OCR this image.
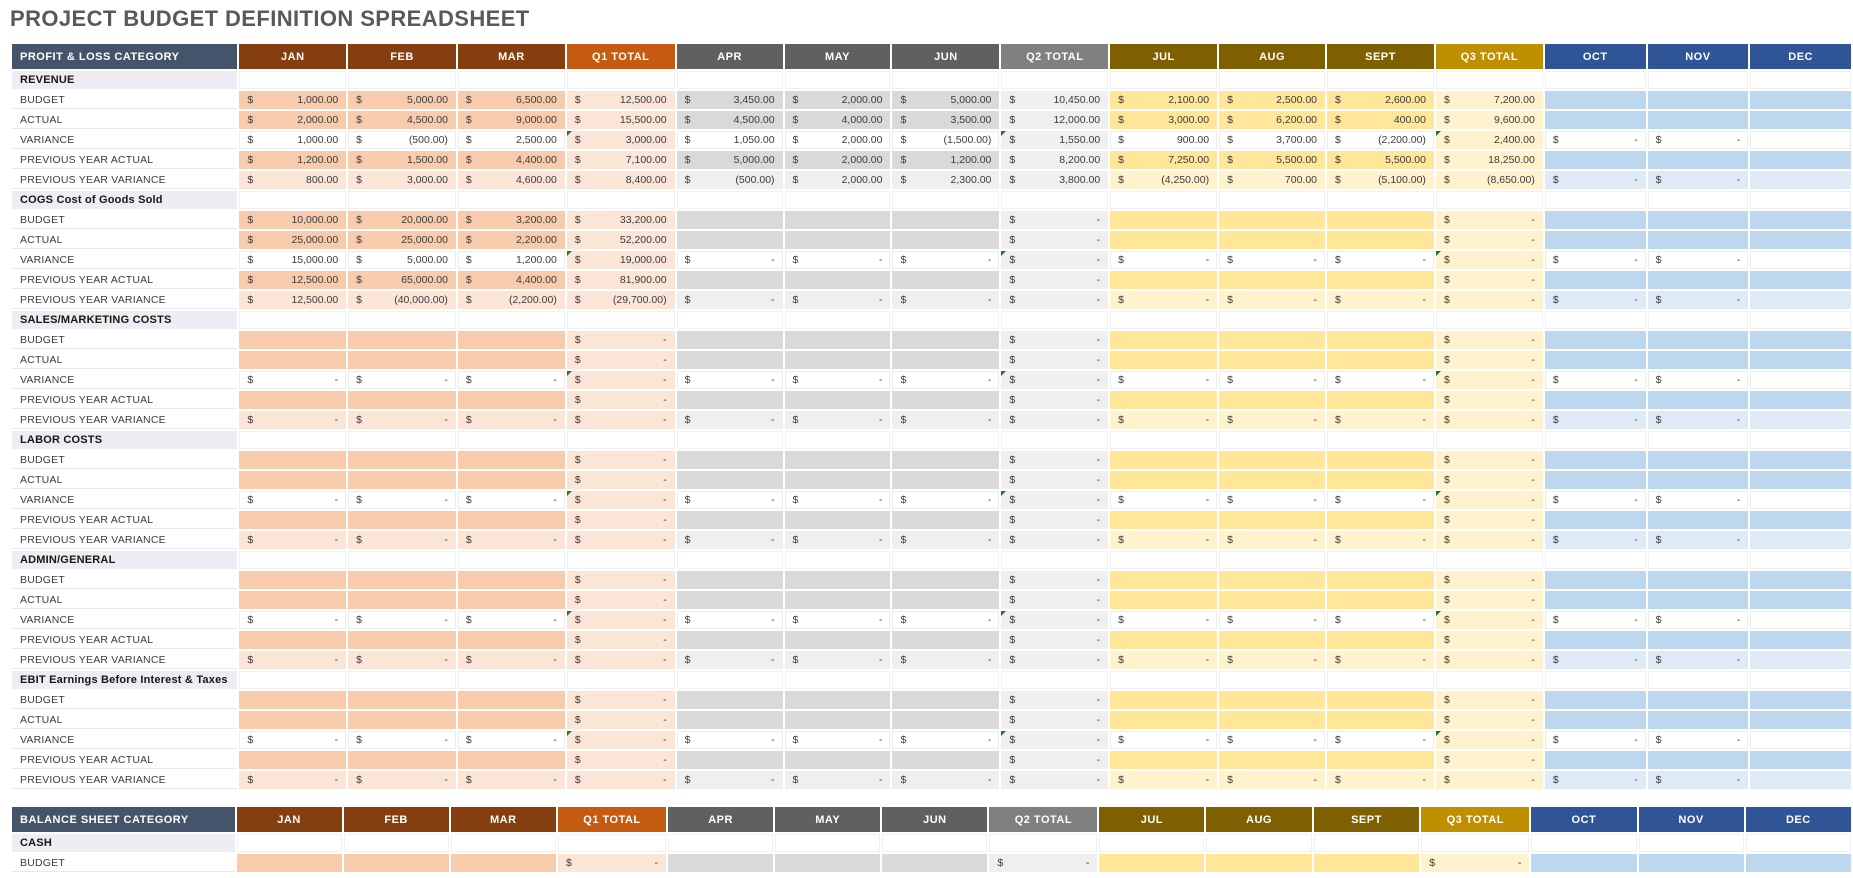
PROJECT BUDGET DEFINITION SPREADSHEET
PROFIT & LOSS CATEGORY	JAN	FEB	MAR	Q1 TOTAL	APR	MAY	JUN	Q2 TOTAL	JUL	AUG	SEPT	Q3 TOTAL	OCT	NOV	DEC
REVENUE															
BUDGET	$ 1,000.00	$ 5,000.00	$ 6,500.00	$ 12,500.00	$ 3,450.00	$ 2,000.00	$ 5,000.00	$ 10,450.00	$ 2,100.00	$ 2,500.00	$ 2,600.00	$ 7,200.00			

ACTUAL	$ 2,000.00	$ 4,500.00	$ 9,000.00	$ 15,500.00	$ 4,500.00	$ 4,000.00	$ 3,500.00	$ 12,000.00	$ 3,000.00	$ 6,200.00	$ 400.00	$ 9,600.00			

VARIANCE	$ 1,000.00	$ (500.00)	$ 2,500.00	$ 3,000.00	$ 1,050.00	$ 2,000.00	$ (1,500.00)	$ 1,550.00	$ 900.00	$ 3,700.00	$ (2,200.00)	$ 2,400.00	$ -	$ -	

PREVIOUS YEAR ACTUAL	$ 1,200.00	$ 1,500.00	$ 4,400.00	$ 7,100.00	$ 5,000.00	$ 2,000.00	$ 1,200.00	$ 8,200.00	$ 7,250.00	$ 5,500.00	$ 5,500.00	$ 18,250.00			

PREVIOUS YEAR VARIANCE	$ 800.00	$ 3,000.00	$ 4,600.00	$ 8,400.00	$ (500.00)	$ 2,000.00	$ 2,300.00	$ 3,800.00	$ (4,250.00)	$ 700.00	$ (5,100.00)	$ (8,650.00)	$ -	$ -	

COGS Cost of Goods Sold															
BUDGET	$ 10,000.00	$ 20,000.00	$ 3,200.00	$ 33,200.00				$ -				$ -			

ACTUAL	$ 25,000.00	$ 25,000.00	$ 2,200.00	$ 52,200.00				$ -				$ -			

VARIANCE	$ 15,000.00	$ 5,000.00	$ 1,200.00	$ 19,000.00	$ -	$ -	$ -	$ -	$ -	$ -	$ -	$ -	$ -	$ -	

PREVIOUS YEAR ACTUAL	$ 12,500.00	$ 65,000.00	$ 4,400.00	$ 81,900.00				$ -				$ -			

PREVIOUS YEAR VARIANCE	$ 12,500.00	$ (40,000.00)	$ (2,200.00)	$ (29,700.00)	$ -	$ -	$ -	$ -	$ -	$ -	$ -	$ -	$ -	$ -	

SALES/MARKETING COSTS															
BUDGET				$ -				$ -				$ -			

ACTUAL				$ -				$ -				$ -			

VARIANCE	$ -	$ -	$ -	$ -	$ -	$ -	$ -	$ -	$ -	$ -	$ -	$ -	$ -	$ -	

PREVIOUS YEAR ACTUAL				$ -				$ -				$ -			

PREVIOUS YEAR VARIANCE	$ -	$ -	$ -	$ -	$ -	$ -	$ -	$ -	$ -	$ -	$ -	$ -	$ -	$ -	

LABOR COSTS															
BUDGET				$ -				$ -				$ -			

ACTUAL				$ -				$ -				$ -			

VARIANCE	$ -	$ -	$ -	$ -	$ -	$ -	$ -	$ -	$ -	$ -	$ -	$ -	$ -	$ -	

PREVIOUS YEAR ACTUAL				$ -				$ -				$ -			

PREVIOUS YEAR VARIANCE	$ -	$ -	$ -	$ -	$ -	$ -	$ -	$ -	$ -	$ -	$ -	$ -	$ -	$ -	

ADMIN/GENERAL															
BUDGET				$ -				$ -				$ -			

ACTUAL				$ -				$ -				$ -			

VARIANCE	$ -	$ -	$ -	$ -	$ -	$ -	$ -	$ -	$ -	$ -	$ -	$ -	$ -	$ -	

PREVIOUS YEAR ACTUAL				$ -				$ -				$ -			

PREVIOUS YEAR VARIANCE	$ -	$ -	$ -	$ -	$ -	$ -	$ -	$ -	$ -	$ -	$ -	$ -	$ -	$ -	

EBIT Earnings Before Interest & Taxes															
BUDGET				$ -				$ -				$ -			

ACTUAL				$ -				$ -				$ -			

VARIANCE	$ -	$ -	$ -	$ -	$ -	$ -	$ -	$ -	$ -	$ -	$ -	$ -	$ -	$ -	

PREVIOUS YEAR ACTUAL				$ -				$ -				$ -			

PREVIOUS YEAR VARIANCE	$ -	$ -	$ -	$ -	$ -	$ -	$ -	$ -	$ -	$ -	$ -	$ -	$ -	$ -	

BALANCE SHEET CATEGORY	JAN	FEB	MAR	Q1 TOTAL	APR	MAY	JUN	Q2 TOTAL	JUL	AUG	SEPT	Q3 TOTAL	OCT	NOV	DEC
CASH															
BUDGET				$ -				$ -				$ -			
